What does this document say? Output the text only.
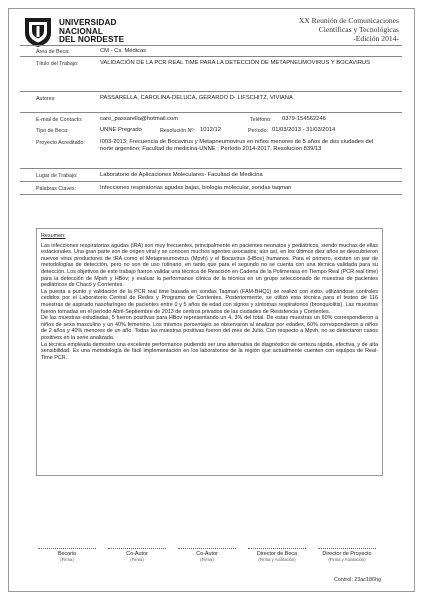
UNIVERSIDAD
NACIONAL
DEL NORDESTE
XX Reunión de Comunicaciones
Científicas y Tecnológicas
-Edición 2014-
Área de Beca:	CM - Cs. Médicas
Título del Trabajo:	VALIDACIÓN DE LA PCR REAL TIME PARA LA DETECCIÓN DE METAPNEUMOVIRUS Y BOCAVIRUS
Autores:	PASSARELLA, CAROLINA-DELUCA, GERARDO D- LIFSCHITZ, VIVIANA
E-mail de Contacto:	caro_passarella@hotmail.com	Teléfono: 0379-154562246
Tipo de Beca:	UNNE Pregrado	Resolución Nº: 1012/12	Período: 01/03/2013 - 31/03/2014
Proyecto Acreditado:	I003-2013; Frecuencia de Bocavirus y Metapneumovirus en niños menores de 5 años de dos ciudades del norte argentino; Facultad de medicina-UNNE ; Período 2014-2017. Resolucion 839/13
Lugar de Trabajo:	Laboratorio de Aplicaciones Moleculares- Facultad de Medicina
Palabras Claves:	Infecciones respiratorias agudas bajas, biologia molecular, sondas taqman
Resumen:

Las infecciones respiratorias agudas (IRA) son muy frecuentes, principalmente en pacientes neonatos y pediátricos, siendo muchas de ellas estacionales. Una gran parte son de origen viral y se conocen muchos agentes asociados; aún así, en los últimos diez años se descubrieron nuevos virus productores de IRA como el Metapneumovirus (Mpvh) y el Bocavirus (HBov) humanos. Para el primero, existen un par de metodologías de detección, pero no son de uso rutinario, en tanto que para el segundo no se cuenta con una técnica validada para su detección. Los objetivos de este trabajo fueron validar una técnica de Reacción en Cadena de la Polimerasa en Tiempo Real (PCR real time) para la detección de Mpvh y HBov; y evaluar la performance clínica de la técnica en un grupo seleccionado de muestras de pacientes pediátricos de Chaco y Corrientes.

La puesta a punto y validación de la PCR real time basada en sondas Taqman (FAM-BHQ1) se realizó con éxito, utilizándose controles cedidos por el Laboratorio Central de Redes y Programa de Corrientes. Posteriormente, se utilizó esta técnica para el testeo de 116 muestras de aspirado nasofaríngeo de pacientes entre 0 y 5 años de edad con signos y síntomas respiratorios (bronquiolitis). Las muestras fueron tomadas en el período Abril-Septiembre de 2013 de centros privados de las ciudades de Resistencia y Corrientes.

De las muestras estudiadas, 5 fueron positivas para HBov representando un 4, 3% del total. De estas muestras un 60% correspondieron a niños de sexo masculino y un 40% femenino. Los mismos porcentajes se observaron al analizar por edades, 60% correspondieron a niños de 2 años y 40% menores de un año. Todas las muestras positivas fueron del mes de Julio. Con respecto a Mpvh, no se detectaron casos positivos en la serie analizada.

La técnica empleada demostró una excelente performance pudiendo ser una alternativa de diagnóstico de certeza rápida, efectiva, y de alta sensibilidad. Es una metodología de fácil implementación en los laboratorios de la región que actualmente cuenten con equipos de Real-Time PCR.

Becario
(Firma)
Co-Autor
(Firma)
Co-Autor
(Firma)
Director de Beca
(Firma y Aclaración)
Director de Proyecto
(Firma y Aclaración)
Control: 23ac186hg
